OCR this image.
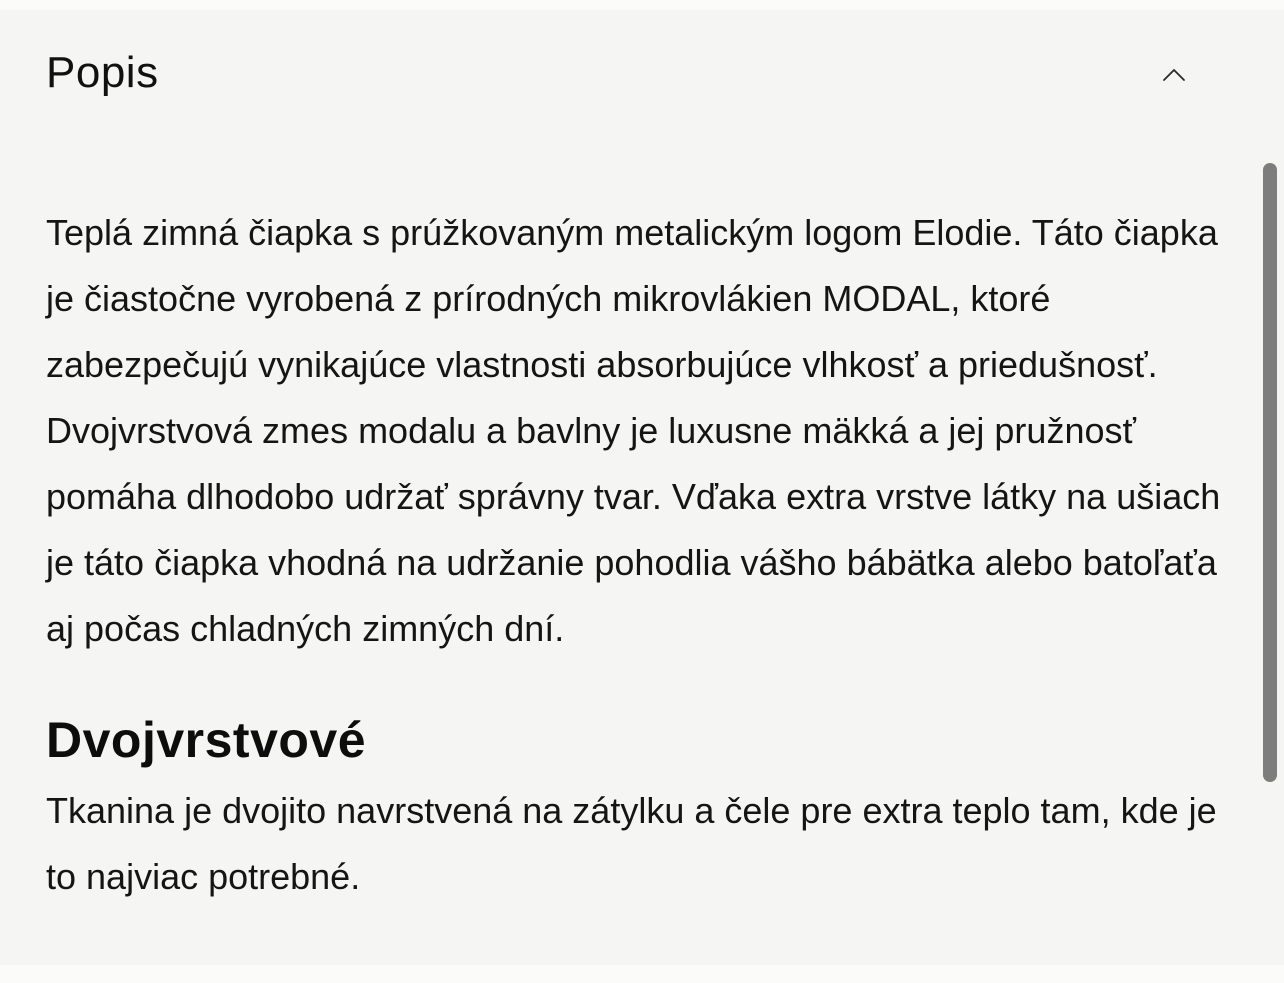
Popis

Teplá zimná čiapka s prúžkovaným metalickým logom Elodie. Táto čiapka je čiastočne vyrobená z prírodných mikrovlákien MODAL, ktoré zabezpečujú vynikajúce vlastnosti absorbujúce vlhkosť a priedušnosť. Dvojvrstvová zmes modalu a bavlny je luxusne mäkká a jej pružnosť pomáha dlhodobo udržať správny tvar. Vďaka extra vrstve látky na ušiach je táto čiapka vhodná na udržanie pohodlia vášho bábätka alebo batoľaťa aj počas chladných zimných dní.

Dvojvrstvové

Tkanina je dvojito navrstvená na zátylku a čele pre extra teplo tam, kde je to najviac potrebné.
